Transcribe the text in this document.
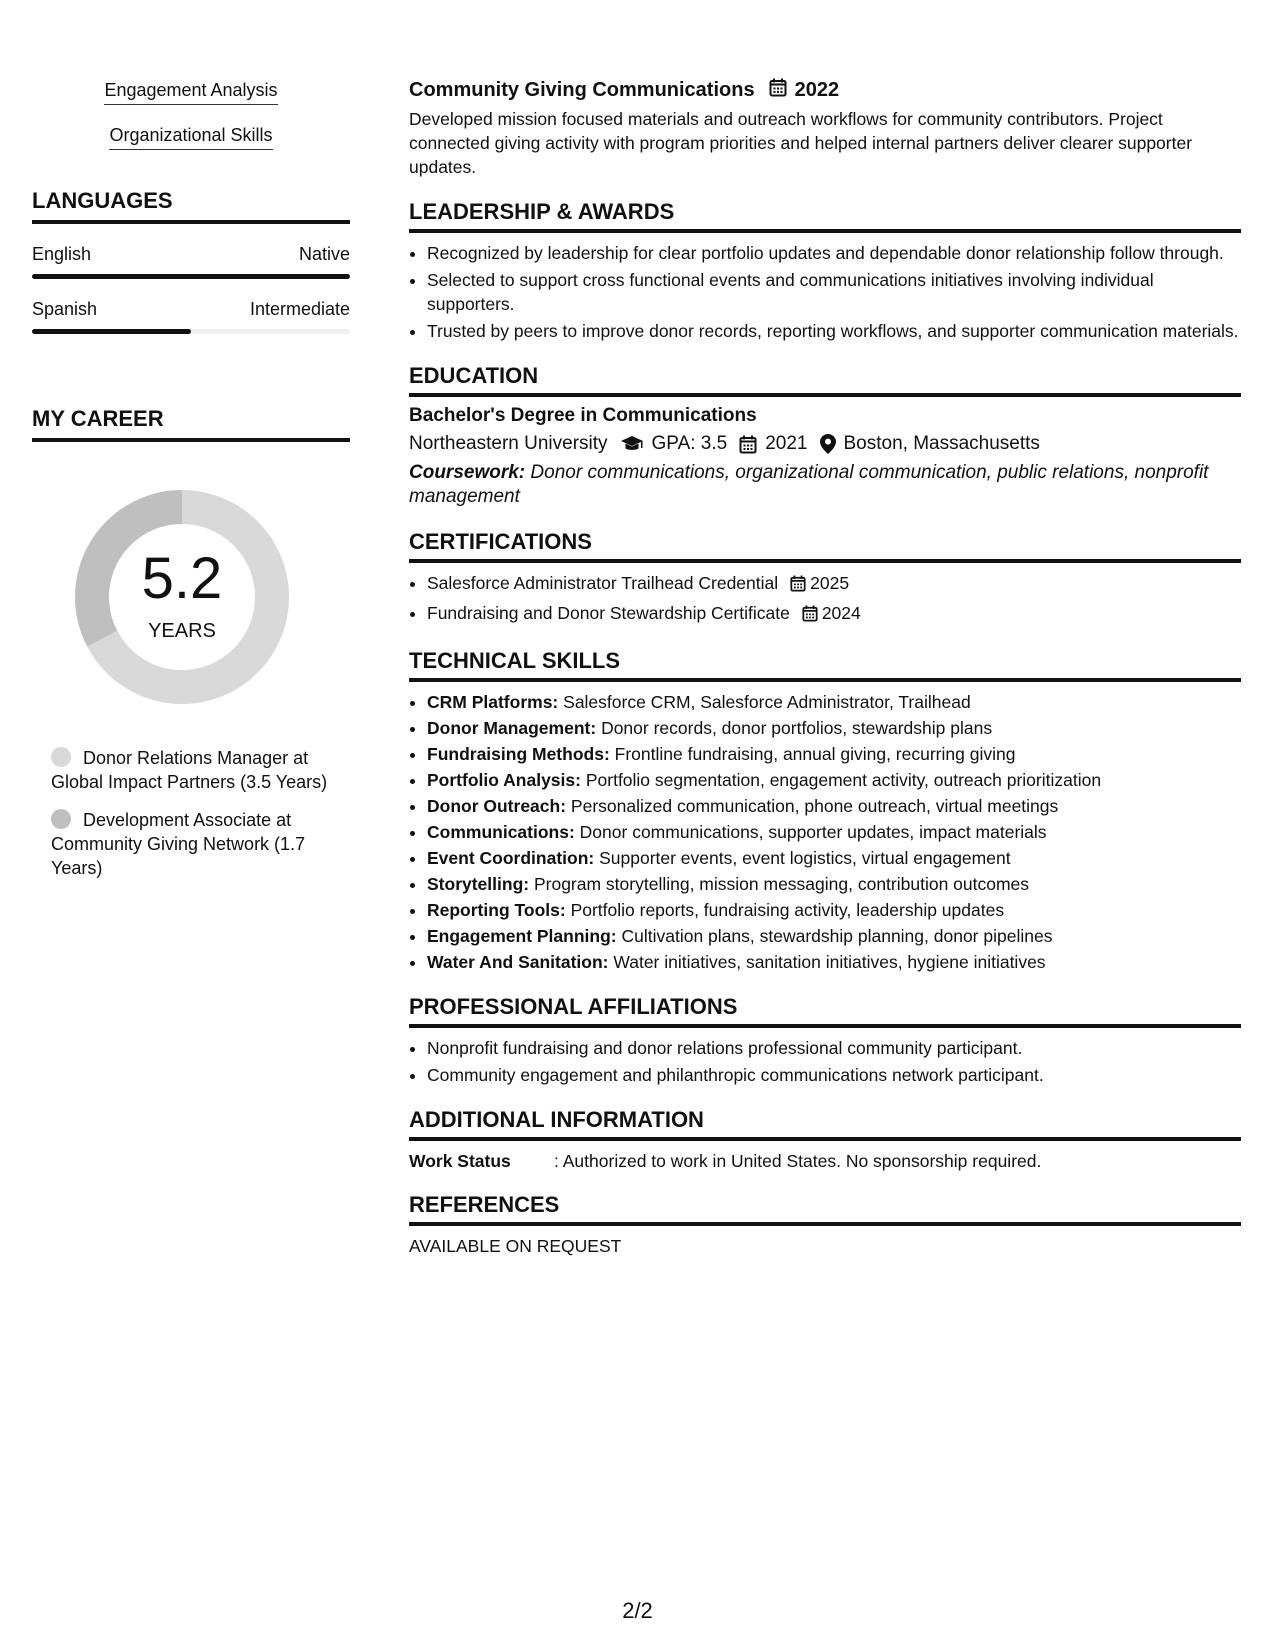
Engagement Analysis
Organizational Skills
LANGUAGES
English	Native
Spanish	Intermediate
MY CAREER
5.2
YEARS
Donor Relations Manager at Global Impact Partners (3.5 Years)
Development Associate at Community Giving Network (1.7 Years)
Community Giving Communications 2022
Developed mission focused materials and outreach workflows for community contributors. Project connected giving activity with program priorities and helped internal partners deliver clearer supporter updates.
LEADERSHIP & AWARDS
• Recognized by leadership for clear portfolio updates and dependable donor relationship follow through.
• Selected to support cross functional events and communications initiatives involving individual supporters.
• Trusted by peers to improve donor records, reporting workflows, and supporter communication materials.
EDUCATION
Bachelor's Degree in Communications
Northeastern University GPA: 3.5 2021 Boston, Massachusetts
Coursework: Donor communications, organizational communication, public relations, nonprofit management
CERTIFICATIONS
• Salesforce Administrator Trailhead Credential 2025
• Fundraising and Donor Stewardship Certificate 2024
TECHNICAL SKILLS
• CRM Platforms: Salesforce CRM, Salesforce Administrator, Trailhead
• Donor Management: Donor records, donor portfolios, stewardship plans
• Fundraising Methods: Frontline fundraising, annual giving, recurring giving
• Portfolio Analysis: Portfolio segmentation, engagement activity, outreach prioritization
• Donor Outreach: Personalized communication, phone outreach, virtual meetings
• Communications: Donor communications, supporter updates, impact materials
• Event Coordination: Supporter events, event logistics, virtual engagement
• Storytelling: Program storytelling, mission messaging, contribution outcomes
• Reporting Tools: Portfolio reports, fundraising activity, leadership updates
• Engagement Planning: Cultivation plans, stewardship planning, donor pipelines
• Water And Sanitation: Water initiatives, sanitation initiatives, hygiene initiatives
PROFESSIONAL AFFILIATIONS
• Nonprofit fundraising and donor relations professional community participant.
• Community engagement and philanthropic communications network participant.
ADDITIONAL INFORMATION
Work Status	: Authorized to work in United States. No sponsorship required.
REFERENCES
AVAILABLE ON REQUEST
2/2
